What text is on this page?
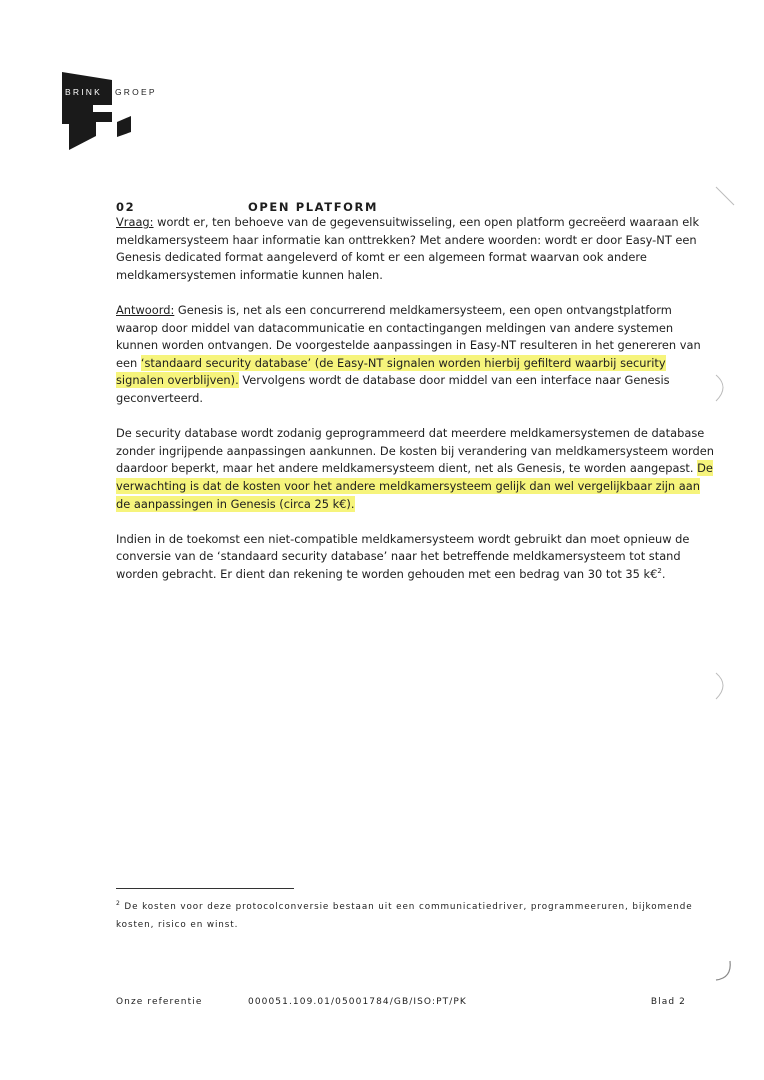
BRINK GROEP
02	OPEN PLATFORM

Vraag: wordt er, ten behoeve van de gegevensuitwisseling, een open platform gecreëerd waaraan elk meldkamersysteem haar informatie kan onttrekken? Met andere woorden: wordt er door Easy-NT een Genesis dedicated format aangeleverd of komt er een algemeen format waarvan ook andere meldkamersystemen informatie kunnen halen.

Antwoord: Genesis is, net als een concurrerend meldkamersysteem, een open ontvangstplatform waarop door middel van datacommunicatie en contactingangen meldingen van andere systemen kunnen worden ontvangen. De voorgestelde aanpassingen in Easy-NT resulteren in het genereren van een ‘standaard security database’ (de Easy-NT signalen worden hierbij gefilterd waarbij security signalen overblijven). Vervolgens wordt de database door middel van een interface naar Genesis geconverteerd.

De security database wordt zodanig geprogrammeerd dat meerdere meldkamersystemen de database zonder ingrijpende aanpassingen aankunnen. De kosten bij verandering van meldkamersysteem worden daardoor beperkt, maar het andere meldkamersysteem dient, net als Genesis, te worden aangepast. De verwachting is dat de kosten voor het andere meldkamersysteem gelijk dan wel vergelijkbaar zijn aan de aanpassingen in Genesis (circa 25 k€).

Indien in de toekomst een niet-compatible meldkamersysteem wordt gebruikt dan moet opnieuw de conversie van de ‘standaard security database’ naar het betreffende meldkamersysteem tot stand worden gebracht. Er dient dan rekening te worden gehouden met een bedrag van 30 tot 35 k€$^2$.

$^2$ De kosten voor deze protocolconversie bestaan uit een communicatiedriver, programmeeruren, bijkomende kosten, risico en winst.
Onze referentie	000051.109.01/05001784/GB/ISO:PT/PK	Blad 2
